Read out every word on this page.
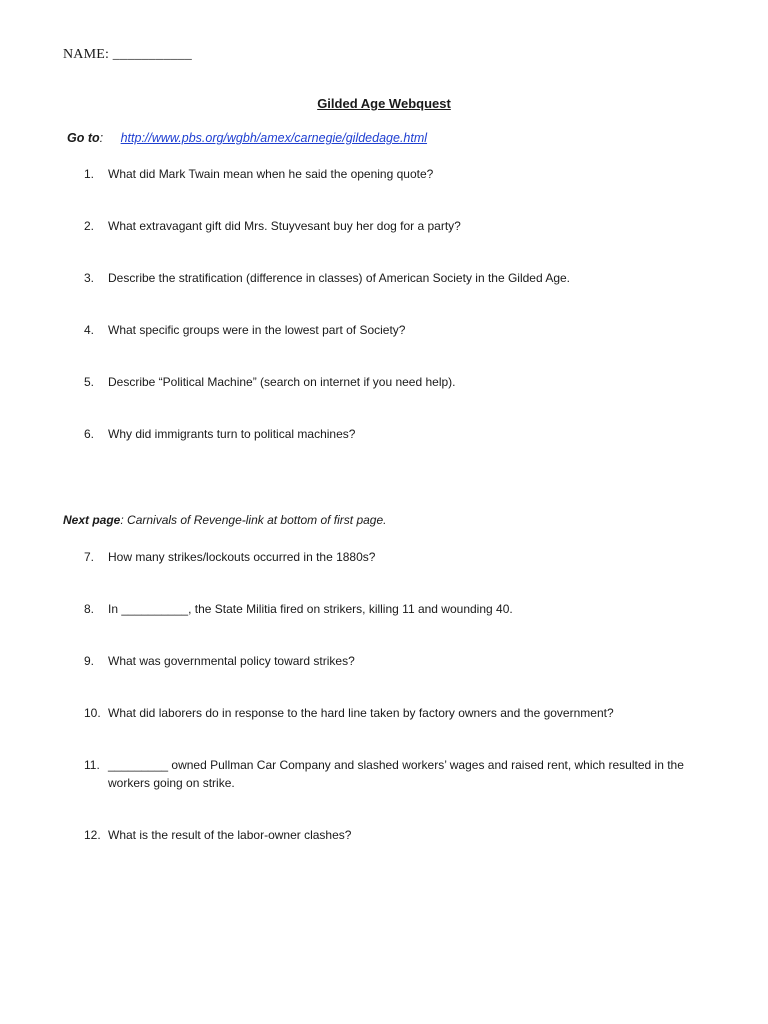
NAME: ___________
Gilded Age Webquest
Go to: http://www.pbs.org/wgbh/amex/carnegie/gildedage.html
1.	What did Mark Twain mean when he said the opening quote?
2.	What extravagant gift did Mrs. Stuyvesant buy her dog for a party?
3.	Describe the stratification (difference in classes) of American Society in the Gilded Age.
4.	What specific groups were in the lowest part of Society?
5.	Describe “Political Machine” (search on internet if you need help).
6.	Why did immigrants turn to political machines?
Next page: Carnivals of Revenge-link at bottom of first page.
7.	How many strikes/lockouts occurred in the 1880s?
8.	In __________, the State Militia fired on strikers, killing 11 and wounding 40.
9.	What was governmental policy toward strikes?
10. What did laborers do in response to the hard line taken by factory owners and the government?
11. _________ owned Pullman Car Company and slashed workers’ wages and raised rent, which resulted in the workers going on strike.
12. What is the result of the labor-owner clashes?
